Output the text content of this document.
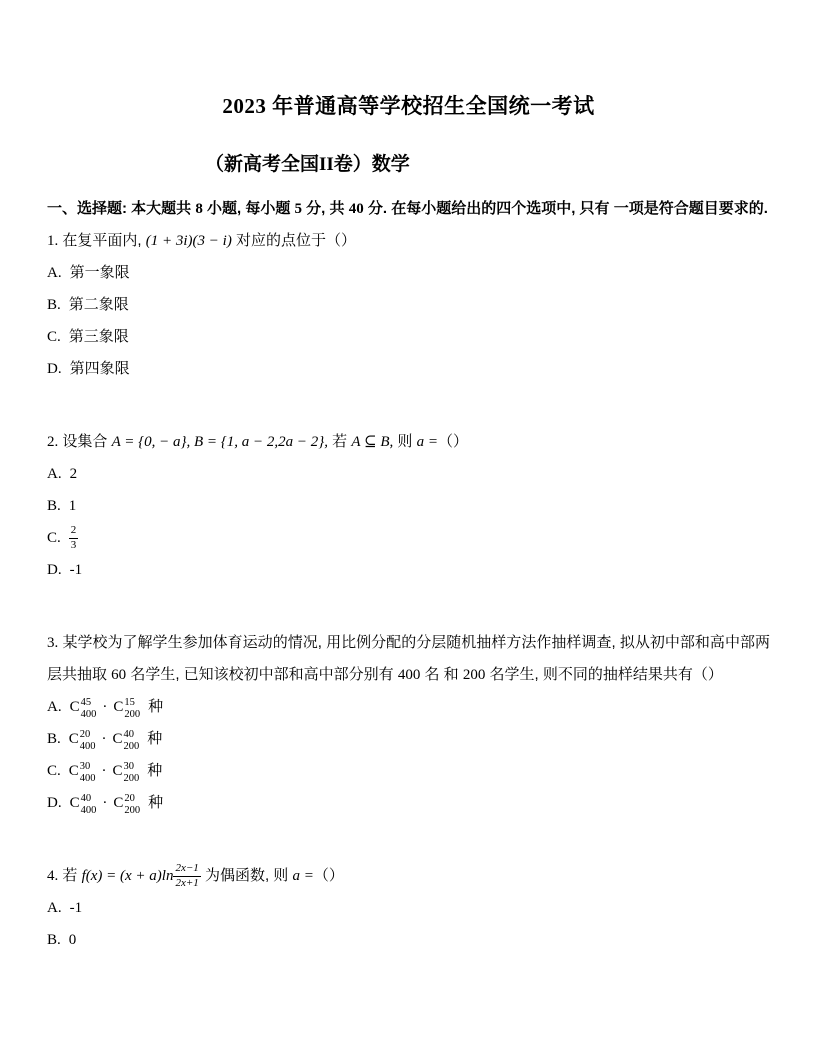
2023 年普通高等学校招生全国统一考试
（新高考全国II卷）数学

一、选择题: 本大题共 8 小题, 每小题 5 分, 共 40 分. 在每小题给出的四个选项中, 只有 一项是符合题目要求的.

1. 在复平面内, (1 + 3i)(3 − i) 对应的点位于（）

A. 第一象限
B. 第二象限
C. 第三象限
D. 第四象限

2. 设集合 A = {0, − a}, B = {1, a − 2,2a − 2}, 若 A ⊆ B, 则 a =（）

A. 2
B. 1
C. $\frac{2}{3}$
D. -1

3. 某学校为了解学生参加体育运动的情况, 用比例分配的分层随机抽样方法作抽样调查, 拟从初中部和高中部两层共抽取 60 名学生, 已知该校初中部和高中部分别有 400 名 和 200 名学生, 则不同的抽样结果共有（）

A. C 45
400 · C 15
200 种
B. C 20
400 · C 40
200 种
C. C 30
400 · C 30
200 种
D. C 40
400 · C 20
200 种

4. 若 $f(x) = (x + a)\ln \frac{2x-1}{2x+1}$ 为偶函数, 则 a =（）

A. -1
B. 0
